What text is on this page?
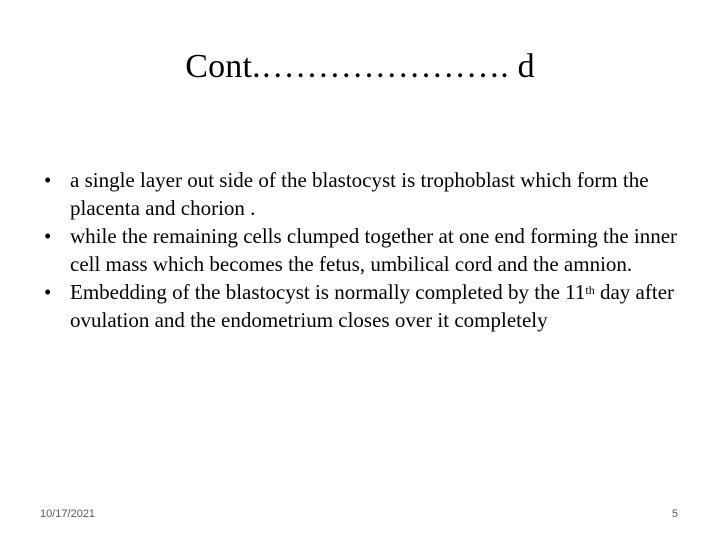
Cont.…………………. d
• a single layer out side of the blastocyst is trophoblast which form the placenta and chorion .
• while the remaining cells clumped together at one end forming the inner cell mass which becomes the fetus, umbilical cord and the amnion.
• Embedding of the blastocyst is normally completed by the 11th day after ovulation and the endometrium closes over it completely
10/17/2021	5
